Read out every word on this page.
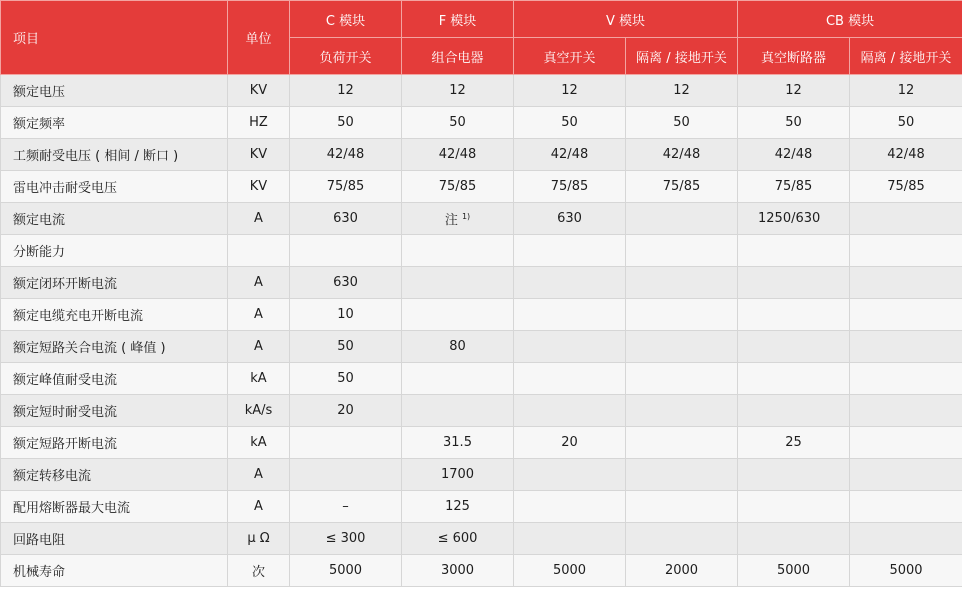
项目	单位	C 模块	F 模块	V 模块		CB 模块	
		负荷开关	组合电器	真空开关	隔离 / 接地开关	真空断路器	隔离 / 接地开关
额定电压	KV	12	12	12	12	12	12
额定频率	HZ	50	50	50	50	50	50
工频耐受电压 ( 相间 / 断口 )	KV	42/48	42/48	42/48	42/48	42/48	42/48
雷电冲击耐受电压	KV	75/85	75/85	75/85	75/85	75/85	75/85
额定电流	A	630	注 $^{1)}$	630		1250/630	
分断能力							
额定闭环开断电流	A	630					
额定电缆充电开断电流	A	10					
额定短路关合电流 ( 峰值 )	A	50	80				
额定峰值耐受电流	kA	50					
额定短时耐受电流	kA/s	20					
额定短路开断电流	kA		31.5	20		25	
额定转移电流	A		1700				
配用熔断器最大电流	A	–	125				
回路电阻	μ Ω	≤ 300	≤ 600				
机械寿命	次	5000	3000	5000	2000	5000	5000
